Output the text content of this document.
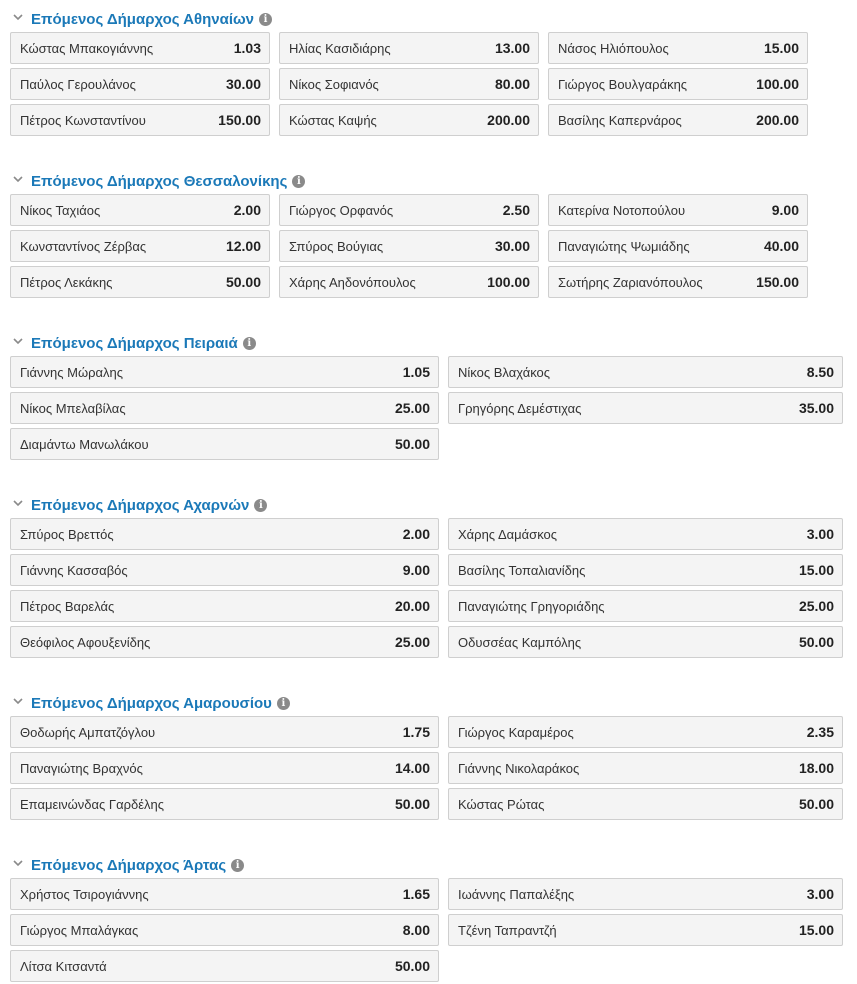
Επόμενος Δήμαρχος Αθηναίων i
Κώστας Μπακογιάννης	1.03 Ηλίας Κασιδιάρης	13.00 Νάσος Ηλιόπουλος	15.00
Παύλος Γερουλάνος	30.00 Νίκος Σοφιανός	80.00 Γιώργος Βουλγαράκης	100.00
Πέτρος Κωνσταντίνου	150.00 Κώστας Καψής	200.00 Βασίλης Καπερνάρος	200.00
Επόμενος Δήμαρχος Θεσσαλονίκης i
Νίκος Ταχιάος	2.00 Γιώργος Ορφανός	2.50 Κατερίνα Νοτοπούλου	9.00
Κωνσταντίνος Ζέρβας	12.00 Σπύρος Βούγιας	30.00 Παναγιώτης Ψωμιάδης	40.00
Πέτρος Λεκάκης	50.00 Χάρης Αηδονόπουλος	100.00 Σωτήρης Ζαριανόπουλος	150.00
Επόμενος Δήμαρχος Πειραιά i
Γιάννης Μώραλης	1.05 Νίκος Βλαχάκος	8.50
Νίκος Μπελαβίλας	25.00 Γρηγόρης Δεμέστιχας	35.00
Διαμάντω Μανωλάκου	50.00
Επόμενος Δήμαρχος Αχαρνών i
Σπύρος Βρεττός	2.00 Χάρης Δαμάσκος	3.00
Γιάννης Κασσαβός	9.00 Βασίλης Τοπαλιανίδης	15.00
Πέτρος Βαρελάς	20.00 Παναγιώτης Γρηγοριάδης	25.00
Θεόφιλος Αφουξενίδης	25.00 Οδυσσέας Καμπόλης	50.00
Επόμενος Δήμαρχος Αμαρουσίου i
Θοδωρής Αμπατζόγλου	1.75 Γιώργος Καραμέρος	2.35
Παναγιώτης Βραχνός	14.00 Γιάννης Νικολαράκος	18.00
Επαμεινώνδας Γαρδέλης	50.00 Κώστας Ρώτας	50.00
Επόμενος Δήμαρχος Άρτας i
Χρήστος Τσιρογιάννης	1.65 Ιωάννης Παπαλέξης	3.00
Γιώργος Μπαλάγκας	8.00 Τζένη Ταπραντζή	15.00
Λίτσα Κιτσαντά	50.00
